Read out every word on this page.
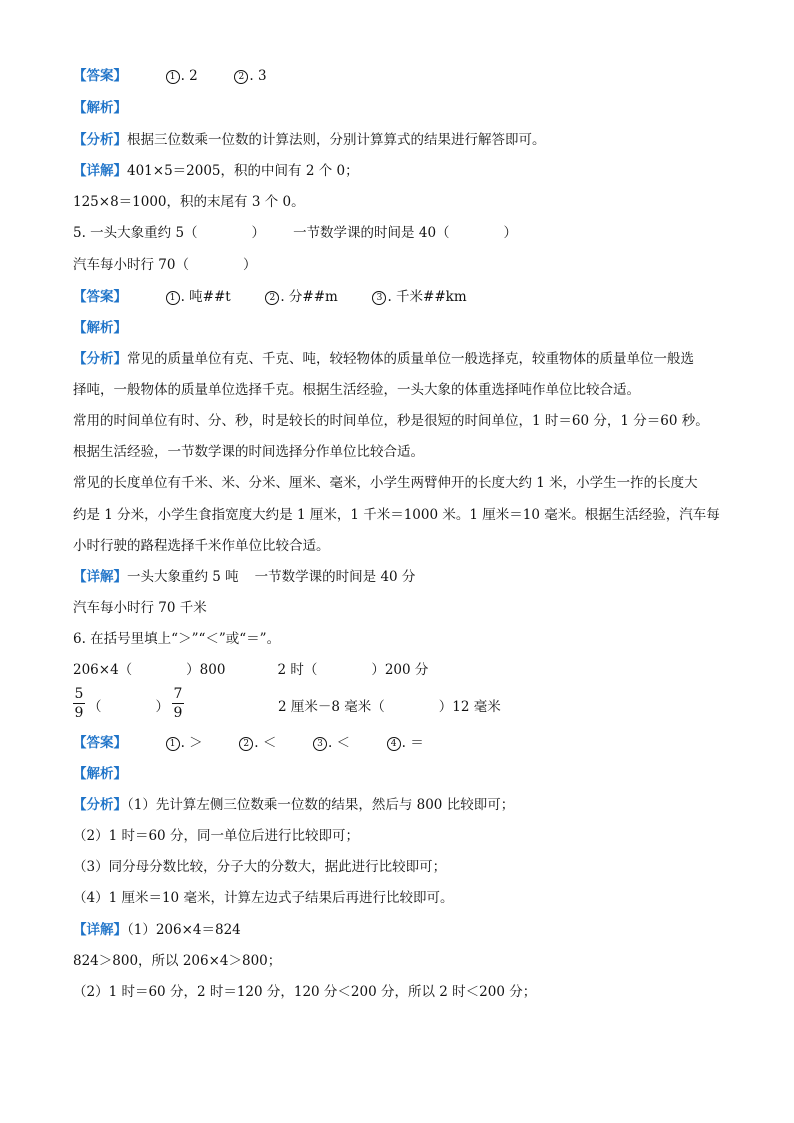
【答案】	1 . 2	2 . 3
【解析】
【分析】根据三位数乘一位数的计算法则，分别计算算式的结果进行解答即可。
【详解】401×5＝2005，积的中间有 2 个 0；
125×8＝1000，积的末尾有 3 个 0。
5. 一头大象重约 5（　　　　） 一节数学课的时间是 40（　　　　）
汽车每小时行 70（　　　　）
【答案】	1 . 吨##t	2 . 分##m	3 . 千米##km
【解析】
【分析】常见的质量单位有克、千克、吨，较轻物体的质量单位一般选择克，较重物体的质量单位一般选
择吨，一般物体的质量单位选择千克。根据生活经验，一头大象的体重选择吨作单位比较合适。
常用的时间单位有时、分、秒，时是较长的时间单位，秒是很短的时间单位，1 时＝60 分，1 分＝60 秒。
根据生活经验，一节数学课的时间选择分作单位比较合适。
常见的长度单位有千米、米、分米、厘米、毫米，小学生两臂伸开的长度大约 1 米，小学生一拃的长度大
约是 1 分米，小学生食指宽度大约是 1 厘米，1 千米＝1000 米。1 厘米＝10 毫米。根据生活经验，汽车每
小时行驶的路程选择千米作单位比较合适。
【详解】一头大象重约 5 吨 一节数学课的时间是 40 分
汽车每小时行 70 千米
6. 在括号里填上“＞”“＜”或“＝”。
206×4（　　　　）800	2 时（　　　　）200 分
5
9 （　　　　）
7
9	2 厘米－8 毫米（　　　　）12 毫米
【答案】	1 . ＞	2 . ＜	3 . ＜	4 . ＝
【解析】
【分析】（1）先计算左侧三位数乘一位数的结果，然后与 800 比较即可；
（2）1 时＝60 分，同一单位后进行比较即可；
（3）同分母分数比较，分子大的分数大，据此进行比较即可；
（4）1 厘米＝10 毫米，计算左边式子结果后再进行比较即可。
【详解】（1）206×4＝824
824＞800，所以 206×4＞800；
（2）1 时＝60 分，2 时＝120 分，120 分＜200 分，所以 2 时＜200 分；
